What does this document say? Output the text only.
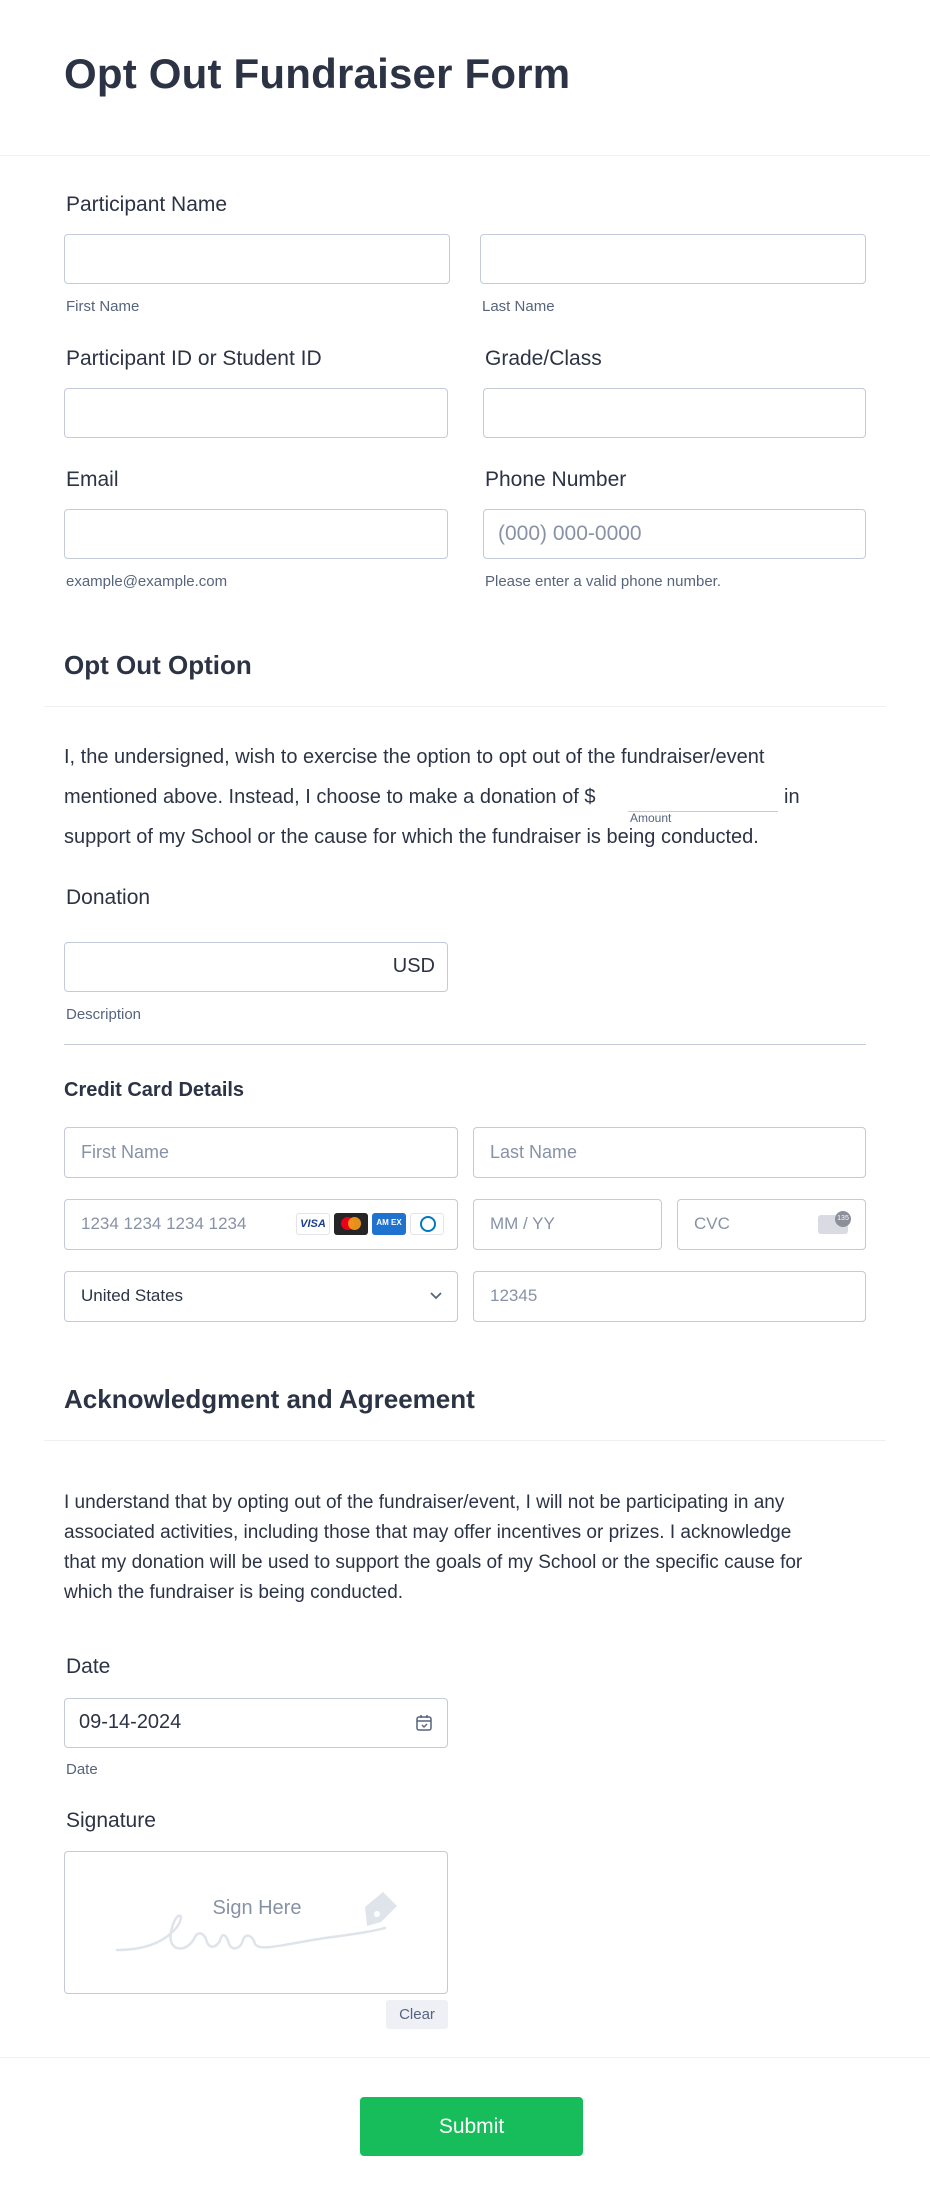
Opt Out Fundraiser Form
Participant Name
First Name	Last Name
Participant ID or Student ID	Grade/Class
Email	Phone Number
(000) 000-0000
example@example.com	Please enter a valid phone number.
Opt Out Option
I, the undersigned, wish to exercise the option to opt out of the fundraiser/event
mentioned above. Instead, I choose to make a donation of $	in
Amount
support of my School or the cause for which the fundraiser is being conducted.
Donation
USD
Description
Credit Card Details
First Name	Last Name
1234 1234 1234 1234	VISA	AM EX	MM / YY	CVC	135
United States	12345
Acknowledgment and Agreement
I understand that by opting out of the fundraiser/event, I will not be participating in any
associated activities, including those that may offer incentives or prizes. I acknowledge
that my donation will be used to support the goals of my School or the specific cause for
which the fundraiser is being conducted.
Date
09-14-2024
Date
Signature
Sign Here
Clear
Submit
